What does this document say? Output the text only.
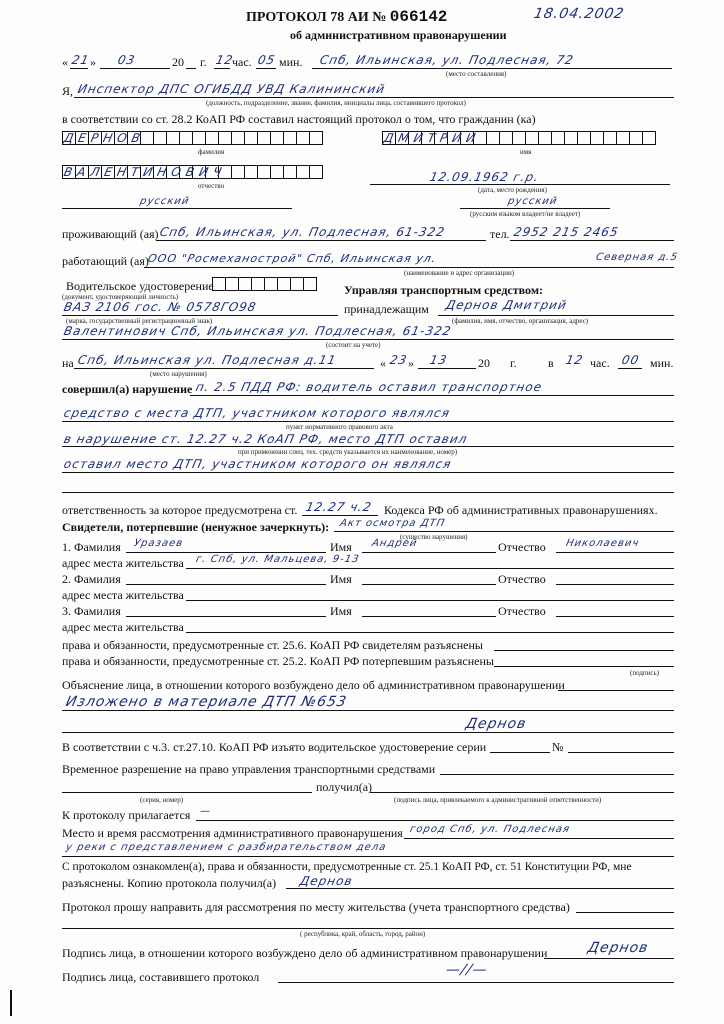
ПРОТОКОЛ 78 АИ № 066142	18.04.2002
об административном правонарушении
« 21 » 03	20 г. 12
час. 05 мин. Спб, Ильинская, ул. Подлесная, 72
(место составления)
Я, Инспектор ДПС ОГИБДД УВД Калининский
(должность, подразделение, звание, фамилия, инициалы лица, составившего протокол)
в соответствии со ст. 28.2 КоАП РФ составил настоящий протокол о том, что гражданин (ка)
ДЕРНОВ
фамилия
ДМИТРИЙ
имя
ВАЛЕНТИНОВИЧ
отчество
12.09.1962 г.р.
(дата, место рождения)
русский	русский
(русским языком владеет/не владеет)
проживающий (ая) Спб, Ильинская, ул. Подлесная, 61-322	тел. 2952 215 2465
работающий (ая)
ООО "Росмеханострой" Спб, Ильинская ул.	Северная д.5
(наименование и адрес организации)
Водительское удостоверение
(документ, удостоверяющий личность)	Управляя транспортным средством:
ВАЗ 2106 гос. № 0578ГО98
(марка, государственный регистрационный знак)
принадлежащим Дернов Дмитрий
(фамилия, имя, отчество, организация, адрес)
Валентинович Спб, Ильинская ул. Подлесная, 61-322
(состоит на учете)
на Спб, Ильинская ул. Подлесная д.11
(место нарушения)
« 23 » 13 20 г.	в 12 час. 00 мин.
совершил(а) нарушение п. 2.5 ПДД РФ: водитель оставил транспортное
средство с места ДТП, участником которого являлся
пункт нормативного правового акта
в нарушение ст. 12.27 ч.2 КоАП РФ, место ДТП оставил
при применении спец. тех. средств указывается их наименование, номер)
оставил место ДТП, участником которого он являлся
ответственность за которое предусмотрена ст. 12.27 ч.2 Кодекса РФ об административных правонарушениях.
Свидетели, потерпевшие (ненужное зачеркнуть): Акт осмотра ДТП
(существо нарушения)
1. Фамилия Уразаев	Имя Андрей	Отчество Николаевич
адрес места жительства г. Спб, ул. Мальцева, 9-13
2. Фамилия	Имя	Отчество
адрес места жительства
3. Фамилия	Имя	Отчество
адрес места жительства
права и обязанности, предусмотренные ст. 25.6. КоАП РФ свидетелям разъяснены
права и обязанности, предусмотренные ст. 25.2. КоАП РФ потерпевшим разъяснены
(подпись)
Объяснение лица, в отношении которого возбуждено дело об административном правонарушении
Изложено в материале ДТП №653
Дернов
В соответствии с ч.3. ст.27.10. КоАП РФ изъято водительское удостоверение серии	№
Временное разрешение на право управления транспортными средствами
получил(а)
(серия, номер)	(подпись лица, привлекаемого к административной ответственности)
К протоколу прилагается —
Место и время рассмотрения административного правонарушения город Спб, ул. Подлесная
у реки с представлением с разбирательством дела
С протоколом ознакомлен(а), права и обязанности, предусмотренные ст. 25.1 КоАП РФ, ст. 51 Конституции РФ, мне
разъяснены. Копию протокола получил(а) Дернов
Протокол прошу направить для рассмотрения по месту жительства (учета транспортного средства)
( республика, край, область, город, район)
Подпись лица, в отношении которого возбуждено дело об административном правонарушении	Дернов
Подпись лица, составившего протокол	—//—
